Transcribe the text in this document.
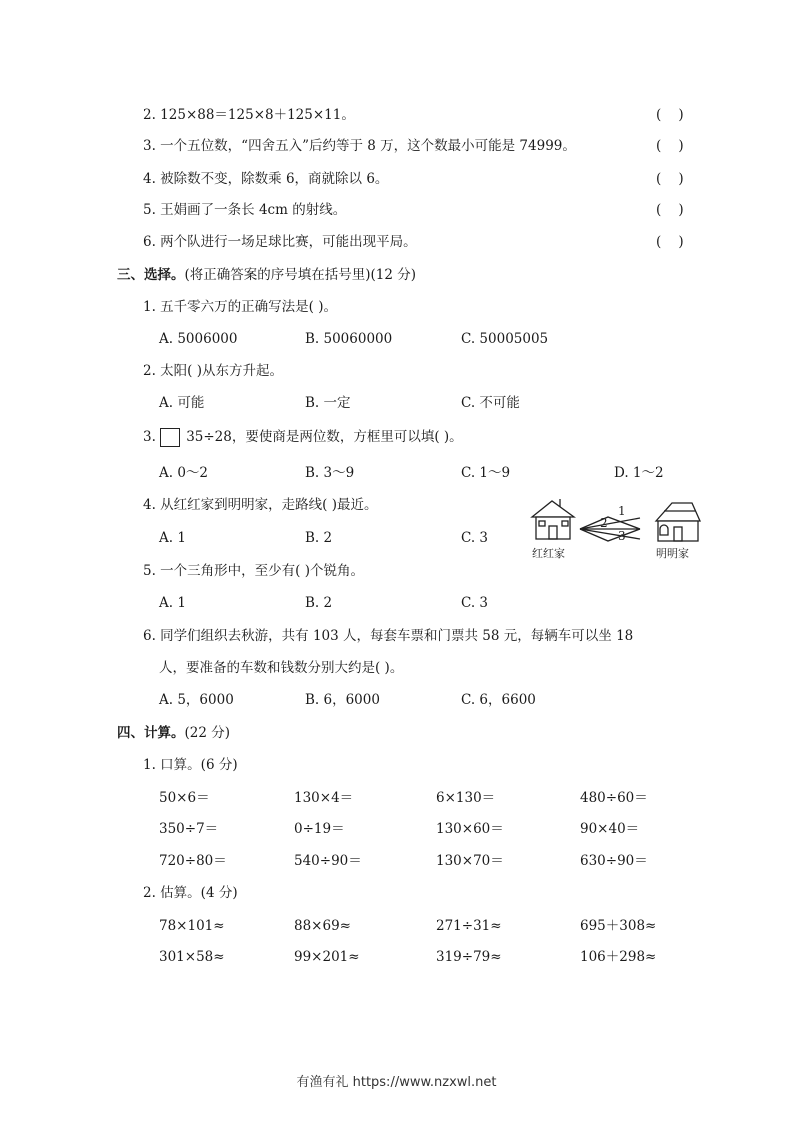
2. 125×88＝125×8＋125×11。	(    )
3. 一个五位数，“四舍五入”后约等于 8 万，这个数最小可能是 74999。	(    )
4. 被除数不变，除数乘 6，商就除以 6。	(    )
5. 王娟画了一条长 4cm 的射线。	(    )
6. 两个队进行一场足球比赛，可能出现平局。	(    )
三、选择。(将正确答案的序号填在括号里)(12 分)
1. 五千零六万的正确写法是( )。
A. 5006000	B. 50060000	C. 50005005
2. 太阳( )从东方升起。
A. 可能	B. 一定	C. 不可能
3. 35÷28，要使商是两位数，方框里可以填( )。
A. 0～2	B. 3～9	C. 1～9	D. 1～2
4. 从红红家到明明家，走路线( )最近。
A. 1	B. 2	C. 3
1
2
3
红红家	明明家
5. 一个三角形中，至少有( )个锐角。
A. 1	B. 2	C. 3
6. 同学们组织去秋游，共有 103 人，每套车票和门票共 58 元，每辆车可以坐 18
人，要准备的车数和钱数分别大约是( )。
A. 5，6000	B. 6，6000	C. 6，6600
四、计算。(22 分)
1. 口算。(6 分)
50×6＝	130×4＝	6×130＝	480÷60＝
350÷7＝	0÷19＝	130×60＝	90×40＝
720÷80＝	540÷90＝	130×70＝	630÷90＝
2. 估算。(4 分)
78×101≈	88×69≈	271÷31≈	695＋308≈
301×58≈	99×201≈	319÷79≈	106＋298≈
有渔有礼 https://www.nzxwl.net
